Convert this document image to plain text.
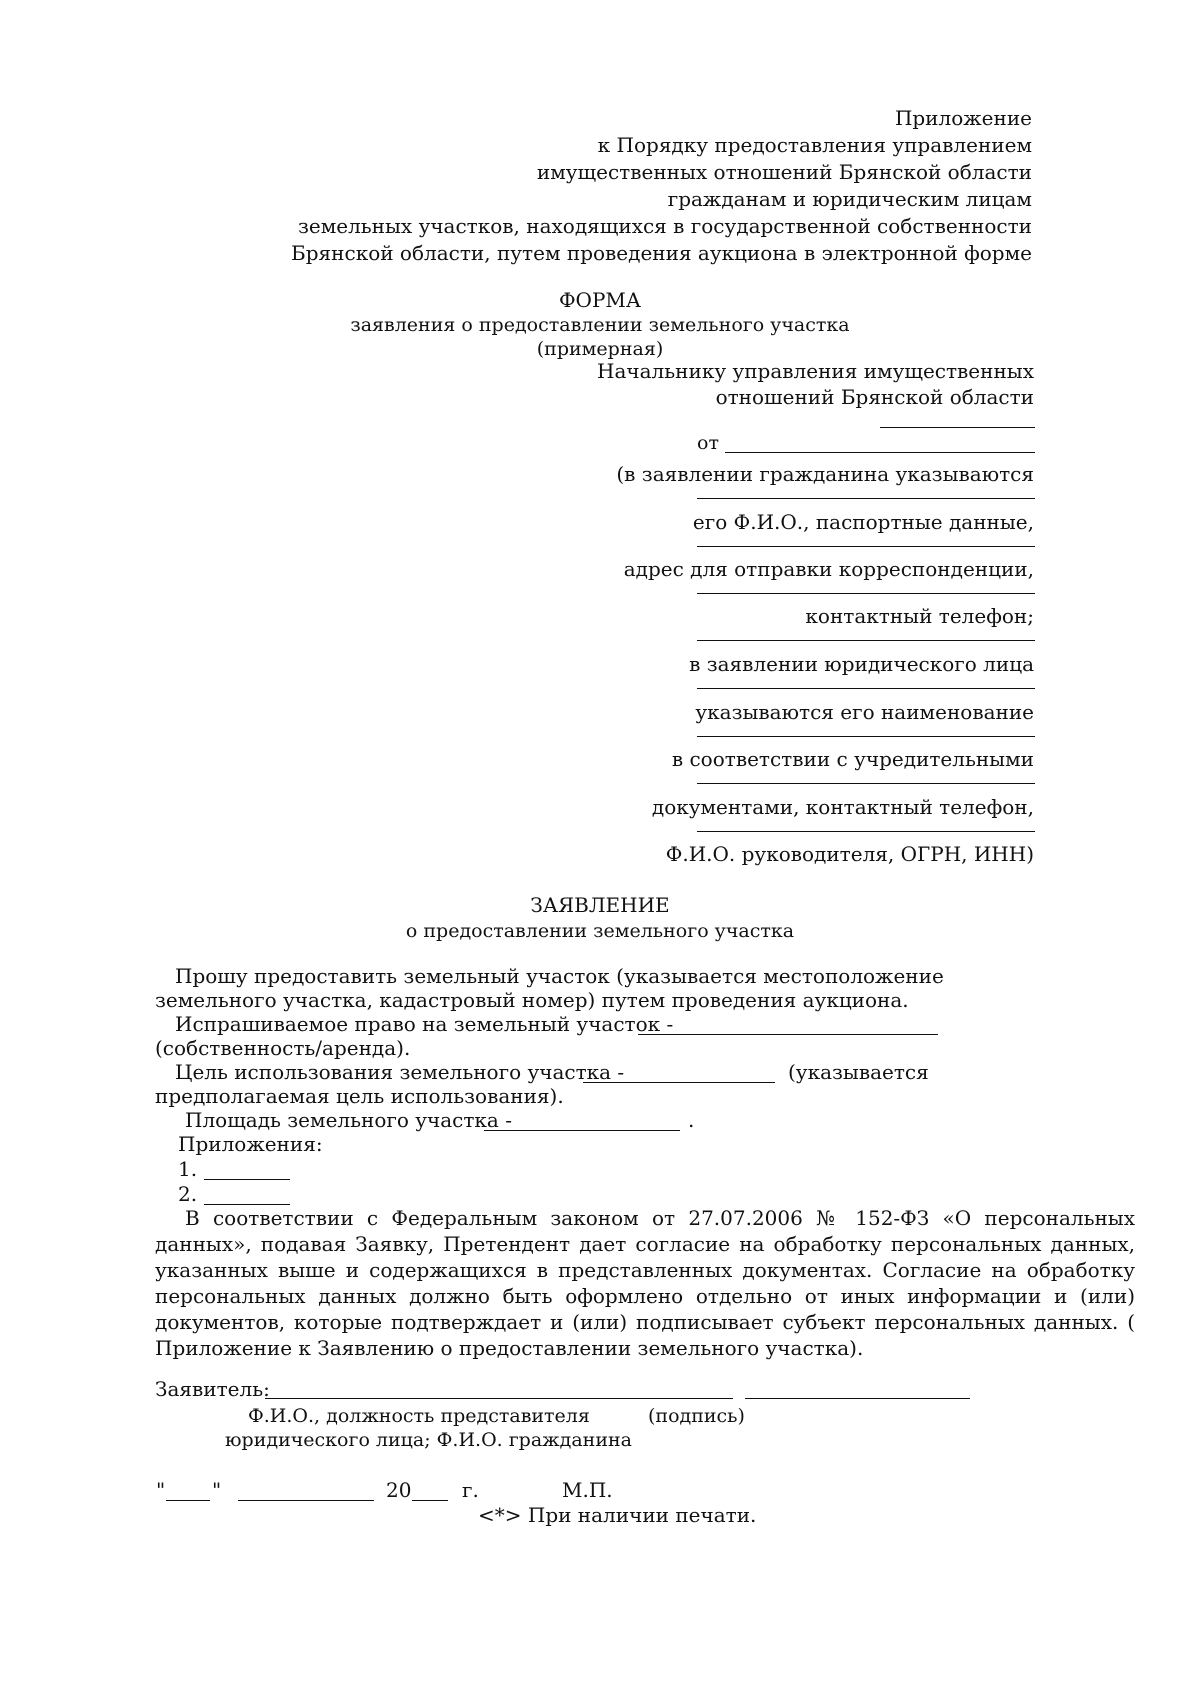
Приложение
к Порядку предоставления управлением
имущественных отношений Брянской области
гражданам и юридическим лицам
земельных участков, находящихся в государственной собственности
Брянской области, путем проведения аукциона в электронной форме
ФОРМА
заявления о предоставлении земельного участка
(примерная)
Начальнику управления имущественных
отношений Брянской области
от
(в заявлении гражданина указываются
его Ф.И.О., паспортные данные,
адрес для отправки корреспонденции,
контактный телефон;
в заявлении юридического лица
указываются его наименование
в соответствии с учредительными
документами, контактный телефон,
Ф.И.О. руководителя, ОГРН, ИНН)
ЗАЯВЛЕНИЕ
о предоставлении земельного участка
Прошу предоставить земельный участок (указывается местоположение
земельного участка, кадастровый номер) путем проведения аукциона.
Испрашиваемое право на земельный участок -
(собственность/аренда).
Цель использования земельного участка -	(указывается
предполагаемая цель использования).
Площадь земельного участка -	.
Приложения:
1.
2.
В соответствии с Федеральным законом от 27.07.2006 № 152-ФЗ «О персональных данных», подавая Заявку, Претендент дает согласие на обработку персональных данных, указанных выше и содержащихся в представленных документах. Согласие на обработку персональных данных должно быть оформлено отдельно от иных информации и (или) документов, которые подтверждает и (или) подписывает субъект персональных данных. ( Приложение к Заявлению о предоставлении земельного участка).
Заявитель:
Ф.И.О., должность представителя	(подпись)
юридического лица; Ф.И.О. гражданина
" "	20	г.	М.П.
<*> При наличии печати.
